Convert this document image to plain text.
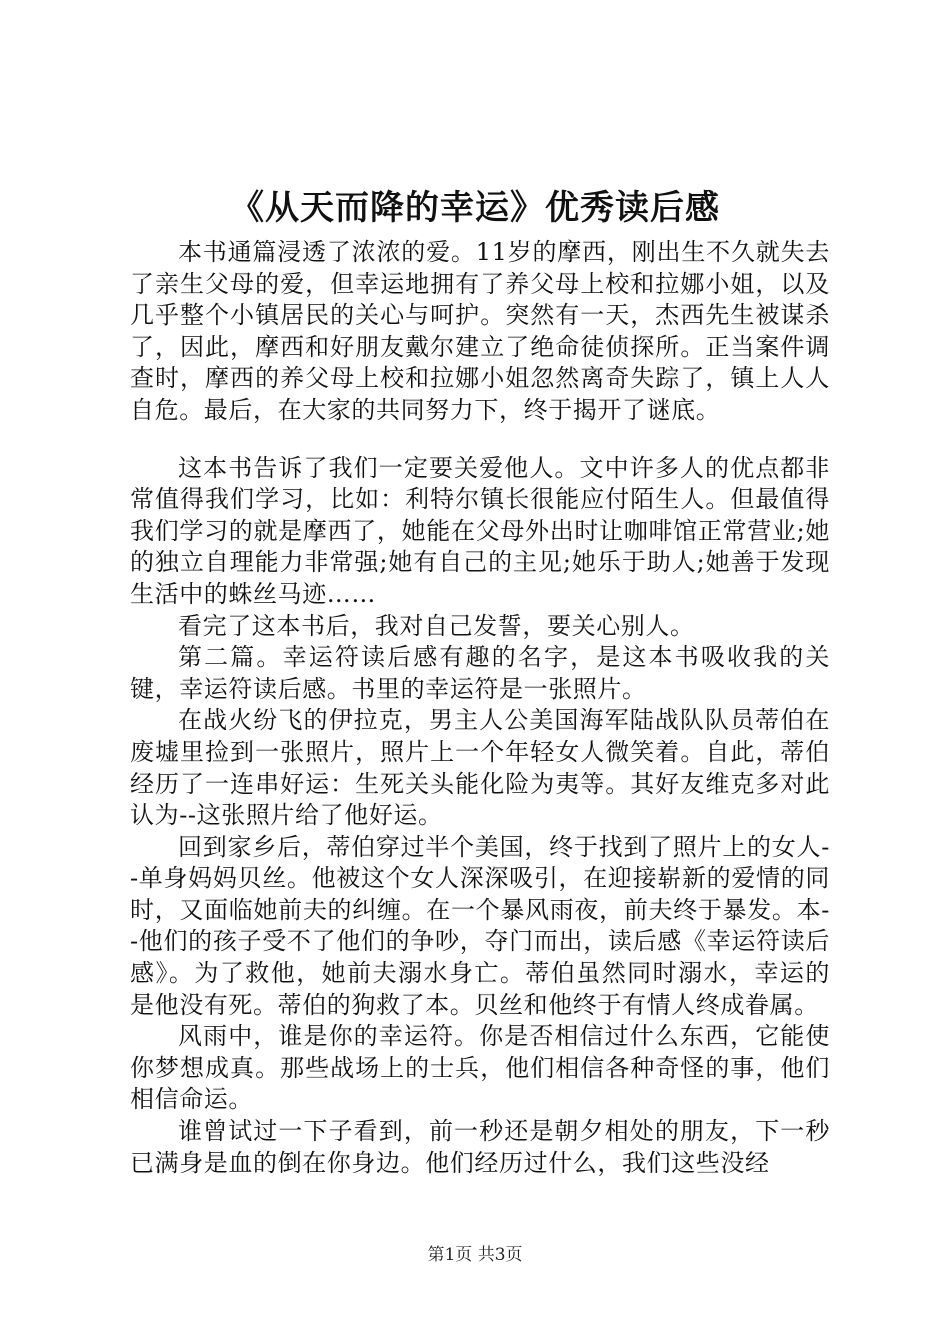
《从天而降的幸运》优秀读后感

本书通篇浸透了浓浓的爱。11岁的摩西，刚出生不久就失去了亲生父母的爱，但幸运地拥有了养父母上校和拉娜小姐，以及几乎整个小镇居民的关心与呵护。突然有一天，杰西先生被谋杀了，因此，摩西和好朋友戴尔建立了绝命徒侦探所。正当案件调查时，摩西的养父母上校和拉娜小姐忽然离奇失踪了，镇上人人自危。最后，在大家的共同努力下，终于揭开了谜底。

这本书告诉了我们一定要关爱他人。文中许多人的优点都非常值得我们学习，比如：利特尔镇长很能应付陌生人。但最值得我们学习的就是摩西了，她能在父母外出时让咖啡馆正常营业;她的独立自理能力非常强;她有自己的主见;她乐于助人;她善于发现生活中的蛛丝马迹……

看完了这本书后，我对自己发誓，要关心别人。

第二篇。幸运符读后感有趣的名字，是这本书吸收我的关键，幸运符读后感。书里的幸运符是一张照片。

在战火纷飞的伊拉克，男主人公美国海军陆战队队员蒂伯在废墟里捡到一张照片，照片上一个年轻女人微笑着。自此，蒂伯经历了一连串好运：生死关头能化险为夷等。其好友维克多对此认为--这张照片给了他好运。

回到家乡后，蒂伯穿过半个美国，终于找到了照片上的女人--单身妈妈贝丝。他被这个女人深深吸引，在迎接崭新的爱情的同时，又面临她前夫的纠缠。在一个暴风雨夜，前夫终于暴发。本--他们的孩子受不了他们的争吵，夺门而出，读后感《幸运符读后感》。为了救他，她前夫溺水身亡。蒂伯虽然同时溺水，幸运的是他没有死。蒂伯的狗救了本。贝丝和他终于有情人终成眷属。

风雨中，谁是你的幸运符。你是否相信过什么东西，它能使你梦想成真。那些战场上的士兵，他们相信各种奇怪的事，他们相信命运。

谁曾试过一下子看到，前一秒还是朝夕相处的朋友，下一秒已满身是血的倒在你身边。他们经历过什么，我们这些没经

第1页 共3页
